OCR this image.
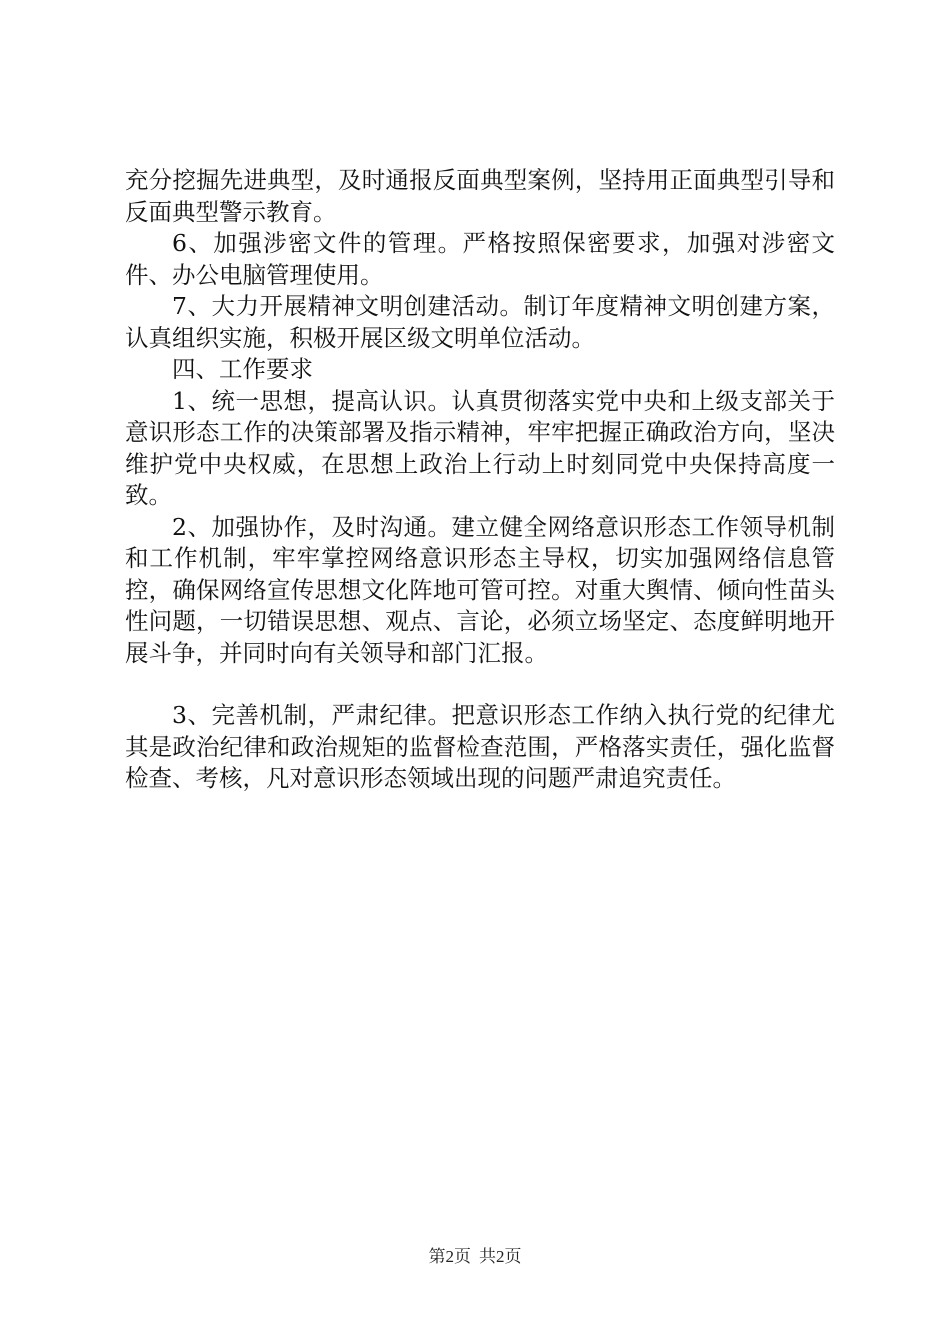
充分挖掘先进典型，及时通报反面典型案例，坚持用正面典型引导和反面典型警示教育。

6、加强涉密文件的管理。严格按照保密要求，加强对涉密文件、办公电脑管理使用。

7、大力开展精神文明创建活动。制订年度精神文明创建方案，认真组织实施，积极开展区级文明单位活动。

四、工作要求

1、统一思想，提高认识。认真贯彻落实党中央和上级支部关于意识形态工作的决策部署及指示精神，牢牢把握正确政治方向，坚决维护党中央权威，在思想上政治上行动上时刻同党中央保持高度一致。

2、加强协作，及时沟通。建立健全网络意识形态工作领导机制和工作机制，牢牢掌控网络意识形态主导权，切实加强网络信息管控，确保网络宣传思想文化阵地可管可控。对重大舆情、倾向性苗头性问题，一切错误思想、观点、言论，必须立场坚定、态度鲜明地开展斗争，并同时向有关领导和部门汇报。

3、完善机制，严肃纪律。把意识形态工作纳入执行党的纪律尤其是政治纪律和政治规矩的监督检查范围，严格落实责任，强化监督检查、考核，凡对意识形态领域出现的问题严肃追究责任。

第2页 共2页
